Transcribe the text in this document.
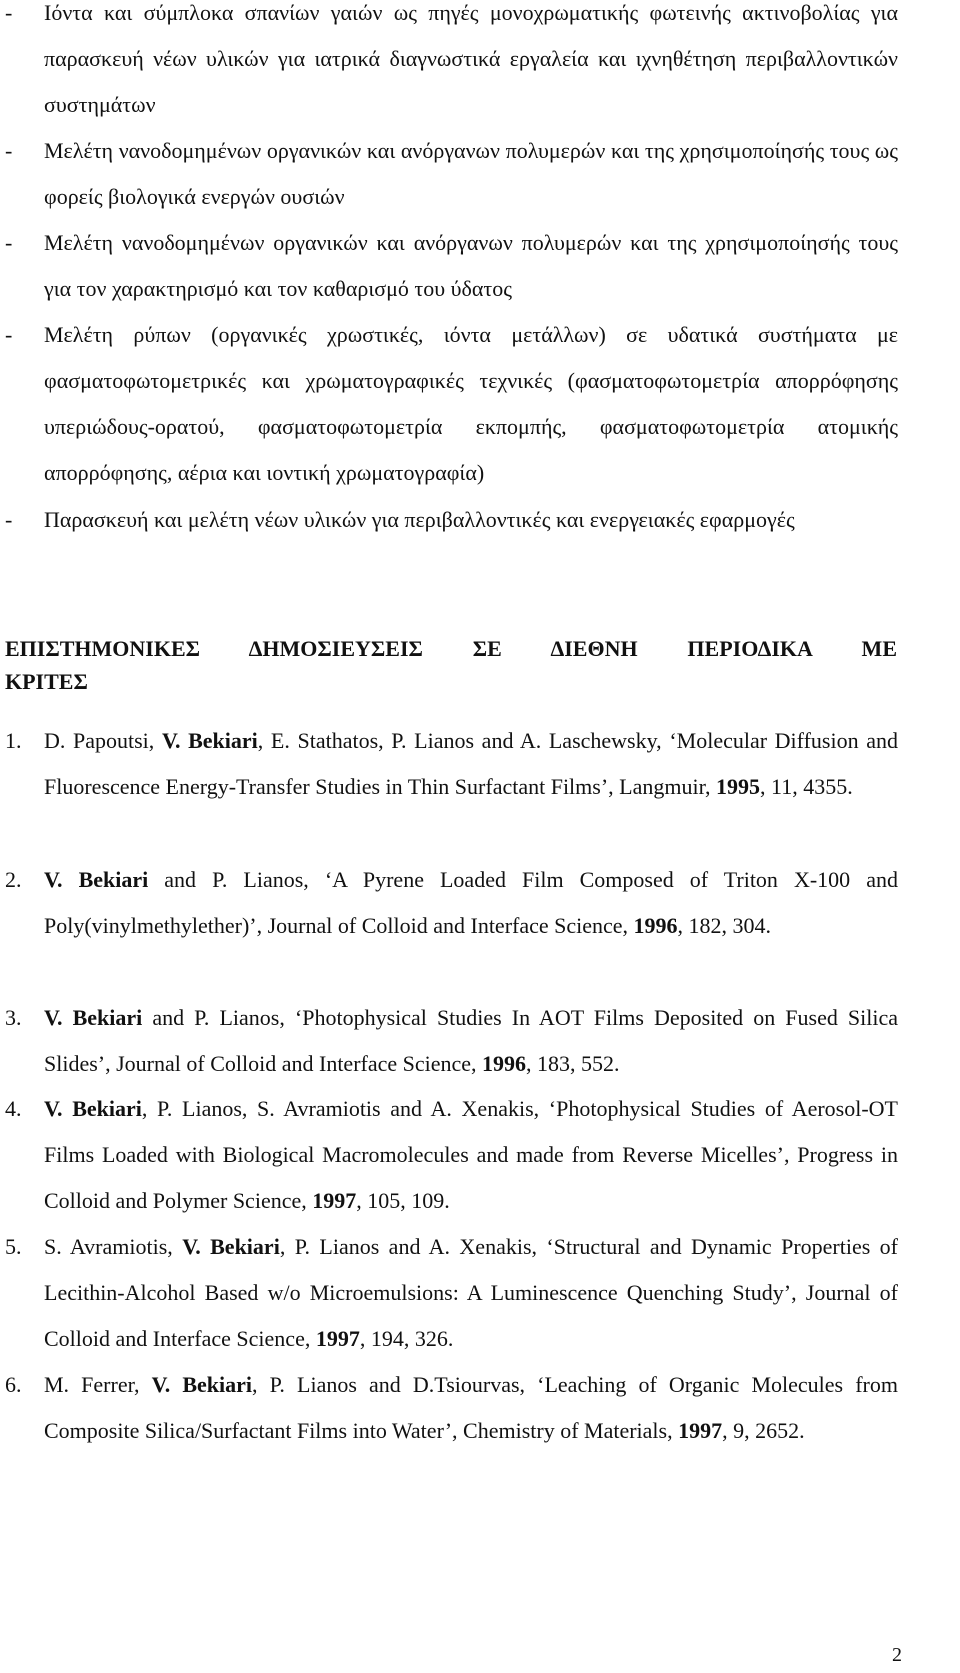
- Ιόντα και σύμπλοκα σπανίων γαιών ως πηγές μονοχρωματικής φωτεινής ακτινοβολίας για παρασκευή νέων υλικών για ιατρικά διαγνωστικά εργαλεία και ιχνηθέτηση περιβαλλοντικών συστημάτων
- Μελέτη νανοδομημένων οργανικών και ανόργανων πολυμερών και της χρησιμοποίησής τους ως φορείς βιολογικά ενεργών ουσιών
- Μελέτη νανοδομημένων οργανικών και ανόργανων πολυμερών και της χρησιμοποίησής τους για τον χαρακτηρισμό και τον καθαρισμό του ύδατος
- Μελέτη ρύπων (οργανικές χρωστικές, ιόντα μετάλλων) σε υδατικά συστήματα με φασματοφωτομετρικές και χρωματογραφικές τεχνικές (φασματοφωτομετρία απορρόφησης υπεριώδους-ορατού, φασματοφωτομετρία εκπομπής, φασματοφωτομετρία ατομικής απορρόφησης, αέρια και ιοντική χρωματογραφία)
- Παρασκευή και μελέτη νέων υλικών για περιβαλλοντικές και ενεργειακές εφαρμογές
ΕΠΙΣΤΗΜΟΝΙΚΕΣ ΔΗΜΟΣΙΕΥΣΕΙΣ ΣΕ ΔΙΕΘΝΗ ΠΕΡΙΟΔΙΚΑ ΜΕ
ΚΡΙΤΕΣ
1. D. Papoutsi, V. Bekiari, E. Stathatos, P. Lianos and A. Laschewsky, ‘Molecular Diffusion and Fluorescence Energy-Transfer Studies in Thin Surfactant Films’, Langmuir, 1995, 11, 4355.
2. V. Bekiari and P. Lianos, ‘A Pyrene Loaded Film Composed of Triton X-100 and Poly(vinylmethylether)’, Journal of Colloid and Interface Science, 1996, 182, 304.
3. V. Bekiari and P. Lianos, ‘Photophysical Studies In AOT Films Deposited on Fused Silica Slides’, Journal of Colloid and Interface Science, 1996, 183, 552.
4. V. Bekiari, P. Lianos, S. Avramiotis and A. Xenakis, ‘Photophysical Studies of Aerosol-OT Films Loaded with Biological Macromolecules and made from Reverse Micelles’, Progress in Colloid and Polymer Science, 1997, 105, 109.
5. S. Avramiotis, V. Bekiari, P. Lianos and A. Xenakis, ‘Structural and Dynamic Properties of Lecithin-Alcohol Based w/o Microemulsions: A Luminescence Quenching Study’, Journal of Colloid and Interface Science, 1997, 194, 326.
6. M. Ferrer, V. Bekiari, P. Lianos and D.Tsiourvas, ‘Leaching of Organic Molecules from Composite Silica/Surfactant Films into Water’, Chemistry of Materials, 1997, 9, 2652.
2
